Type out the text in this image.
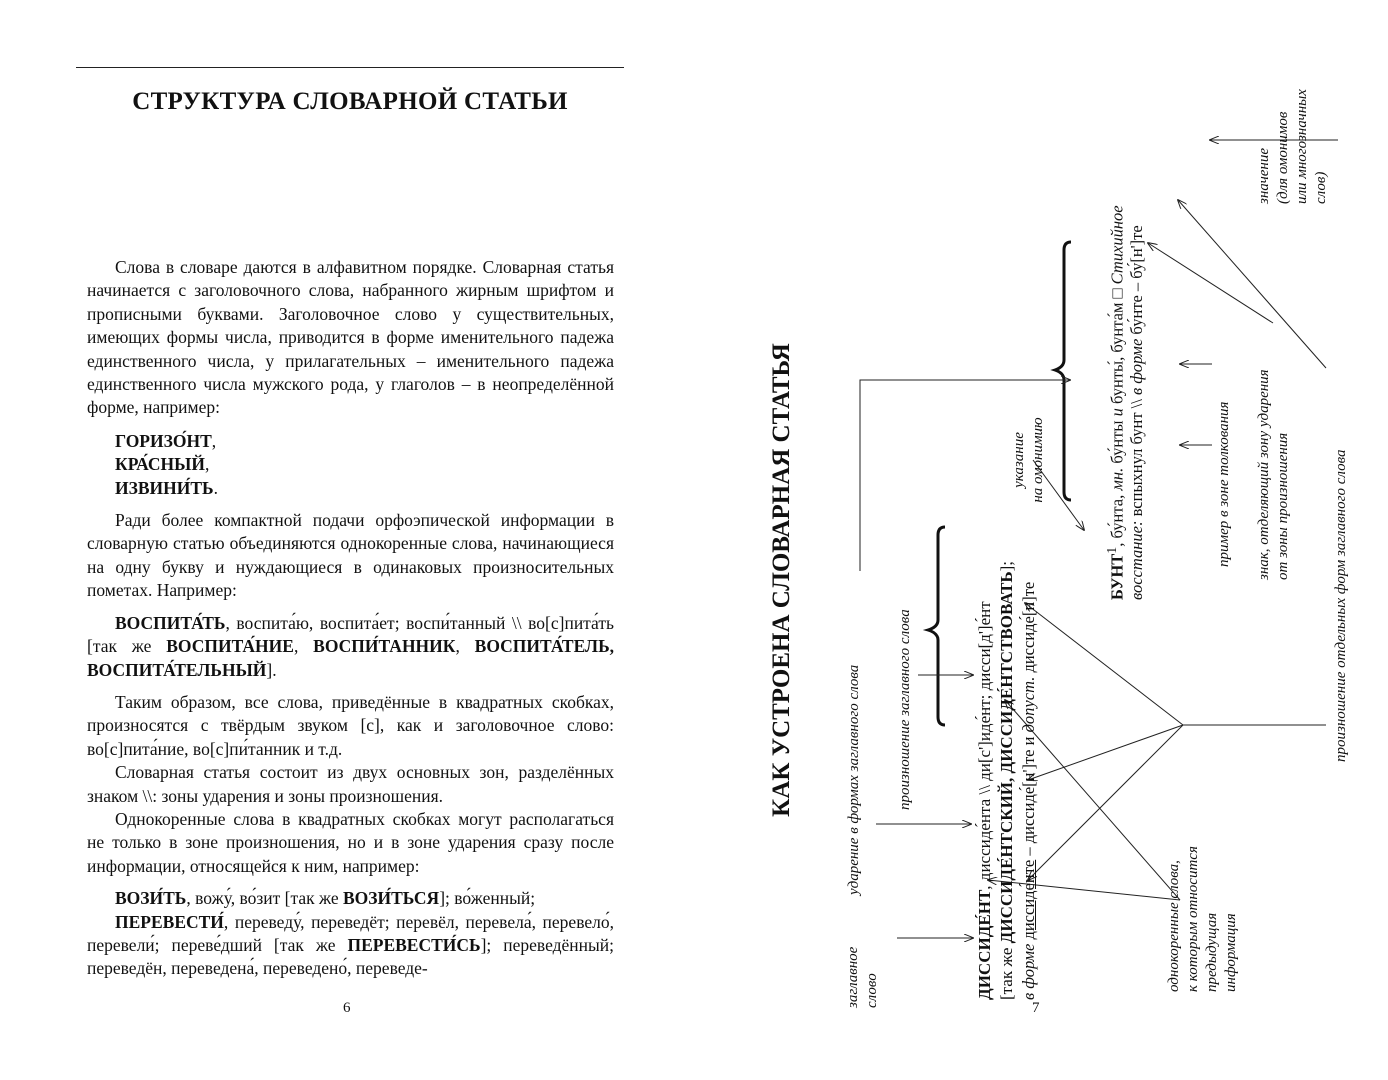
СТРУКТУРА СЛОВАРНОЙ СТАТЬИ

Слова в словаре даются в алфавитном порядке. Словарная статья начинается с заголовочного слова, набранного жирным шрифтом и прописными буквами. Заголовочное слово у существительных, имеющих формы числа, приводится в форме именительного падежа единственного числа, у прилагательных – именительного падежа единственного числа мужского рода, у глаголов – в неопределённой форме, например:

ГОРИЗО́НТ,
КРА́СНЫЙ,
ИЗВИНИ́ТЬ.

Ради более компактной подачи орфоэпической информации в словарную статью объединяются однокоренные слова, начинающиеся на одну букву и нуждающиеся в одинаковых произносительных пометах. Например:

ВОСПИТА́ТЬ, воспита́ю, воспита́ет; воспи́танный \\ во[с]пита́ть [так же ВОСПИТА́НИЕ, ВОСПИ́ТАННИК, ВОСПИТА́ТЕЛЬ, ВОСПИТА́ТЕЛЬНЫЙ].

Таким образом, все слова, приведённые в квадратных скобках, произносятся с твёрдым звуком [с], как и заголовочное слово: во[с]пита́ние, во[с]пи́танник и т.д.

Словарная статья состоит из двух основных зон, разделённых знаком \\: зоны ударения и зоны произношения.

Однокоренные слова в квадратных скобках могут располагаться не только в зоне произношения, но и в зоне ударения сразу после информации, относящейся к ним, например:

ВОЗИ́ТЬ, вожу́, во́зит [так же ВОЗИ́ТЬСЯ]; во́женный;

ПЕРЕВЕСТИ́, переведу́, переведёт; перевёл, перевела́, перевело́, перевели́; переве́дший [так же ПЕРЕВЕСТИ́СЬ]; переведённый; переведён, переведена́, переведено́, переведе-

6
КАК УСТРОЕНА СЛОВАРНАЯ СТАТЬЯ
ДИССИДЕ́НТ, диссиде́нта \\ ди[с']иде́нт; дисси[д']е́нт
[так же ДИССИДЕ́НТСКИЙ, ДИССИДЕ́НТСТВОВАТЬ];
в форме диссиде́нте – диссиде́[н']те и допуст. диссиде́[н]те
БУНТ$^1$, бу́нта, мн. бу́нты и бунты́, бунта́м □ Стихийное
восстание: вспыхнул бунт \\ в форме бу́нте – бу́[н']те
заглавное слово
ударение в формах заглавного слова произношение заглавного слова
указание на омонимию	пример в зоне толкования знак, отделяющий зону ударения от зоны произношения	произношение отдельных форм заглавного слова
значение (для омонимов или многозначных слов)
однокоренные слова, к которым относится предыдущая информация
7
